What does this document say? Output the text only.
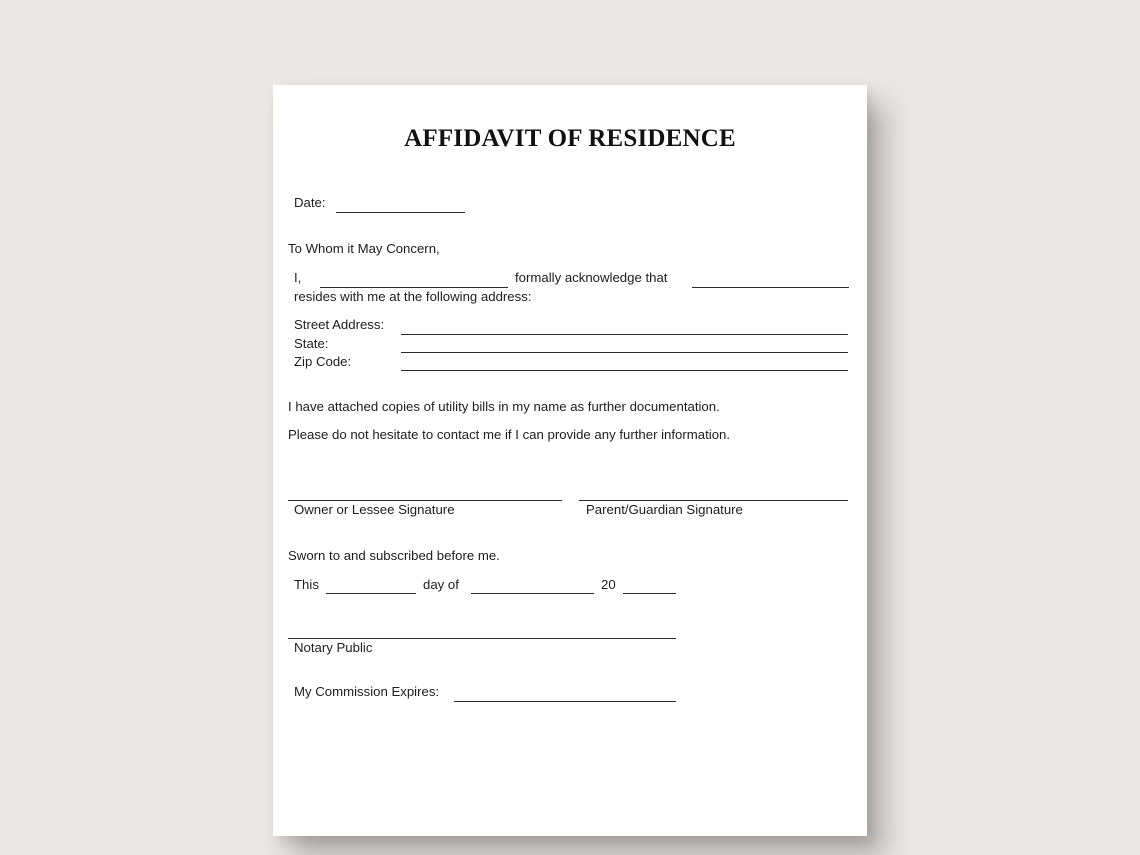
AFFIDAVIT OF RESIDENCE
Date:
To Whom it May Concern,
I,	formally acknowledge that
resides with me at the following address:
Street Address:
State:
Zip Code:
I have attached copies of utility bills in my name as further documentation.
Please do not hesitate to contact me if I can provide any further information.
Owner or Lessee Signature	Parent/Guardian Signature
Sworn to and subscribed before me.
This	day of	20
Notary Public
My Commission Expires:
